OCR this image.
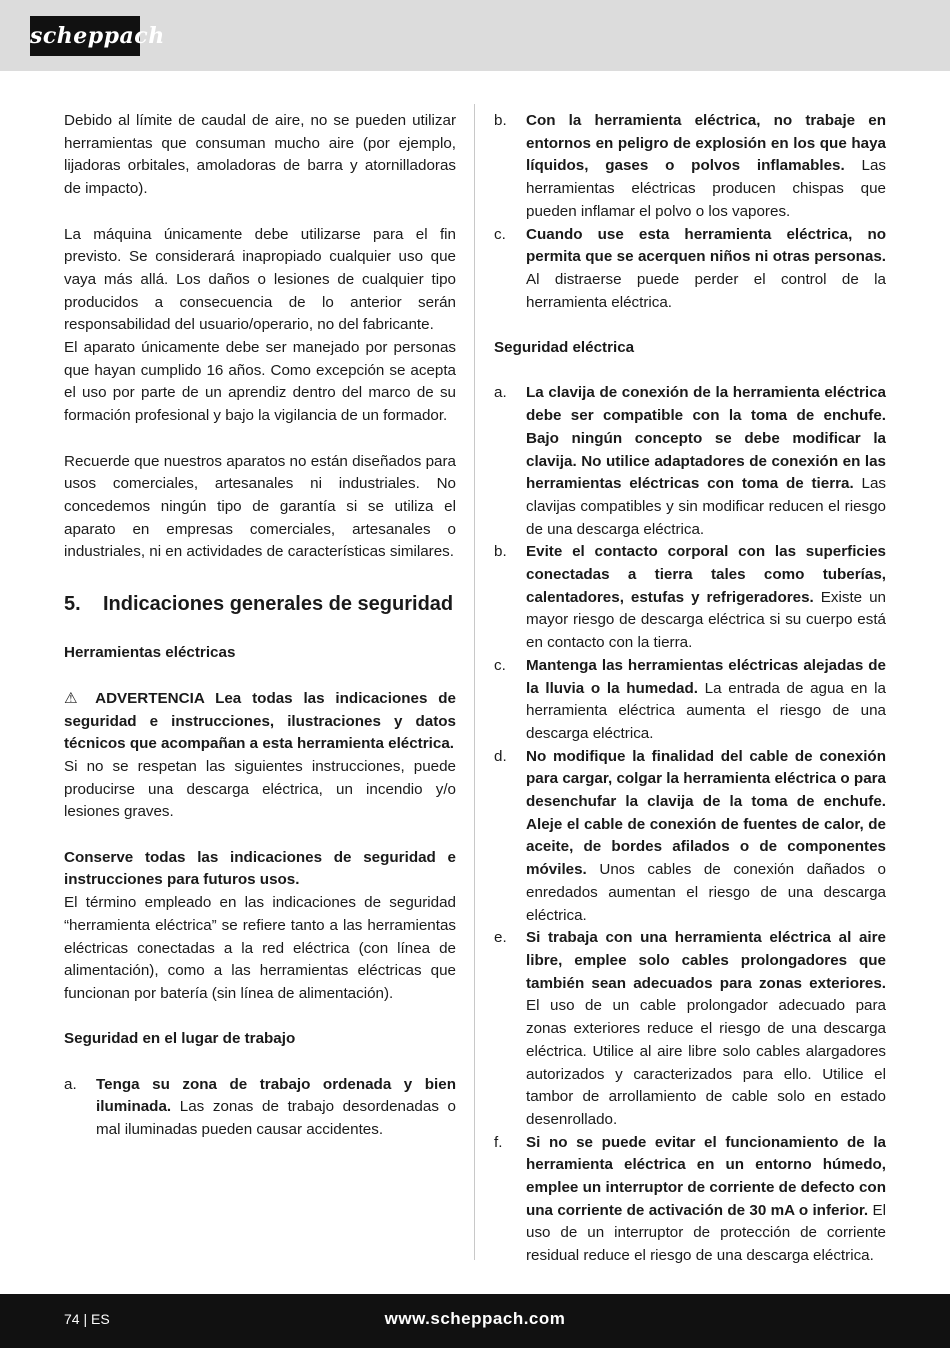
scheppach

Debido al límite de caudal de aire, no se pueden utilizar herramientas que consuman mucho aire (por ejemplo, lijadoras orbitales, amoladoras de barra y atornilladoras de impacto).

La máquina únicamente debe utilizarse para el fin previsto. Se considerará inapropiado cualquier uso que vaya más allá. Los daños o lesiones de cualquier tipo producidos a consecuencia de lo anterior serán responsabilidad del usuario/operario, no del fabricante.

El aparato únicamente debe ser manejado por personas que hayan cumplido 16 años. Como excepción se acepta el uso por parte de un aprendiz dentro del marco de su formación profesional y bajo la vigilancia de un formador.

Recuerde que nuestros aparatos no están diseñados para usos comerciales, artesanales ni industriales. No concedemos ningún tipo de garantía si se utiliza el aparato en empresas comerciales, artesanales o industriales, ni en actividades de características similares.

5.	Indicaciones generales de seguridad

Herramientas eléctricas

⚠ ADVERTENCIA Lea todas las indicaciones de seguridad e instrucciones, ilustraciones y datos técnicos que acompañan a esta herramienta eléctrica.

Si no se respetan las siguientes instrucciones, puede producirse una descarga eléctrica, un incendio y/o lesiones graves.

Conserve todas las indicaciones de seguridad e instrucciones para futuros usos.

El término empleado en las indicaciones de seguridad “herramienta eléctrica” se refiere tanto a las herramientas eléctricas conectadas a la red eléctrica (con línea de alimentación), como a las herramientas eléctricas que funcionan por batería (sin línea de alimentación).

Seguridad en el lugar de trabajo

a.	Tenga su zona de trabajo ordenada y bien iluminada. Las zonas de trabajo desordenadas o mal iluminadas pueden causar accidentes.
b.	Con la herramienta eléctrica, no trabaje en entornos en peligro de explosión en los que haya líquidos, gases o polvos inflamables. Las herramientas eléctricas producen chispas que pueden inflamar el polvo o los vapores.
c.	Cuando use esta herramienta eléctrica, no permita que se acerquen niños ni otras personas. Al distraerse puede perder el control de la herramienta eléctrica.

Seguridad eléctrica

a.	La clavija de conexión de la herramienta eléctrica debe ser compatible con la toma de enchufe. Bajo ningún concepto se debe modificar la clavija. No utilice adaptadores de conexión en las herramientas eléctricas con toma de tierra. Las clavijas compatibles y sin modificar reducen el riesgo de una descarga eléctrica.
b.	Evite el contacto corporal con las superficies conectadas a tierra tales como tuberías, calentadores, estufas y refrigeradores. Existe un mayor riesgo de descarga eléctrica si su cuerpo está en contacto con la tierra.
c.	Mantenga las herramientas eléctricas alejadas de la lluvia o la humedad. La entrada de agua en la herramienta eléctrica aumenta el riesgo de una descarga eléctrica.
d.	No modifique la finalidad del cable de conexión para cargar, colgar la herramienta eléctrica o para desenchufar la clavija de la toma de enchufe. Aleje el cable de conexión de fuentes de calor, de aceite, de bordes afilados o de componentes móviles. Unos cables de conexión dañados o enredados aumentan el riesgo de una descarga eléctrica.
e.	Si trabaja con una herramienta eléctrica al aire libre, emplee solo cables prolongadores que también sean adecuados para zonas exteriores. El uso de un cable prolongador adecuado para zonas exteriores reduce el riesgo de una descarga eléctrica. Utilice al aire libre solo cables alargadores autorizados y caracterizados para ello. Utilice el tambor de arrollamiento de cable solo en estado desenrollado.
f.	Si no se puede evitar el funcionamiento de la herramienta eléctrica en un entorno húmedo, emplee un interruptor de corriente de defecto con una corriente de activación de 30 mA o inferior. El uso de un interruptor de protección de corriente residual reduce el riesgo de una descarga eléctrica.
74 | ES	www.scheppach.com
